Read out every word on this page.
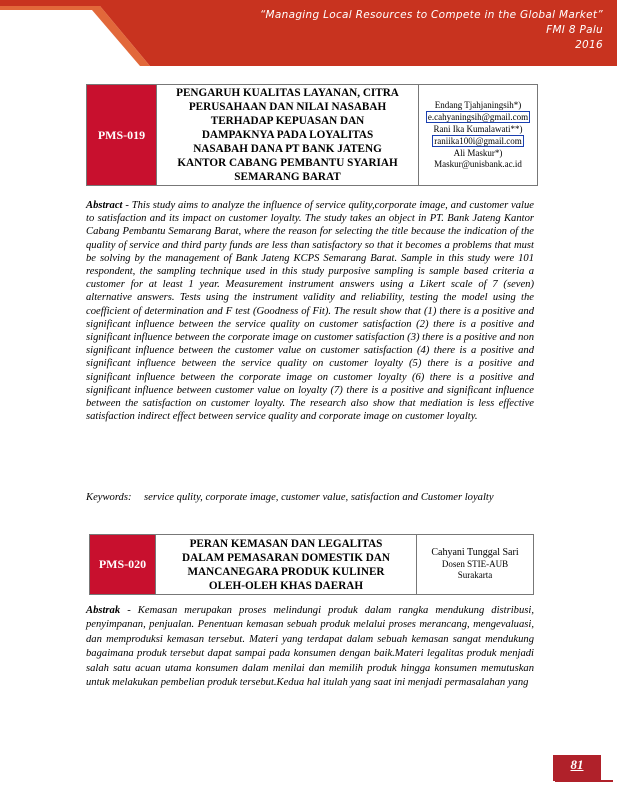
“Managing Local Resources to Compete in the Global Market”
FMI 8 Palu
2016
PMS-019	
PENGARUH KUALITAS LAYANAN, CITRA
PERUSAHAAN DAN NILAI NASABAH
TERHADAP KEPUASAN DAN
DAMPAKNYA PADA LOYALITAS
NASABAH DANA PT BANK JATENG
KANTOR CABANG PEMBANTU SYARIAH
SEMARANG BARAT

Endang Tjahjaningsih*)
e.cahyaningsih@gmail.com
Rani Ika Kumalawati**)
raniika100i@gmail.com
Ali Maskur*)
Maskur@unisbank.ac.id

Abstract - This study aims to analyze the influence of service qulity,corporate image, and customer value to satisfaction and its impact on customer loyalty. The study takes an object in PT. Bank Jateng Kantor Cabang Pembantu Semarang Barat, where the reason for selecting the title because the indication of the quality of service and third party funds are less than satisfactory so that it becomes a problems that must be solving by the management of Bank Jateng KCPS Semarang Barat. Sample in this study were 101 respondent, the sampling technique used in this study purposive sampling is sample based criteria a customer for at least 1 year. Measurement instrument answers using a Likert scale of 7 (seven) alternative answers. Tests using the instrument validity and reliability, testing the model using the coefficient of determination and F test (Goodness of Fit). The result show that (1) there is a positive and significant influence between the service quality on customer satisfaction (2) there is a positive and significant influence between the corporate image on customer satisfaction (3) there is a positive and non significant influence between the customer value on customer satisfaction (4) there is a positive and significant influence between the service quality on customer loyalty (5) there is a positive and significant influence between the corporate image on customer loyalty (6) there is a positive and significant influence between customer value on loyalty (7) there is a positive and significant influence between the satisfaction on customer loyalty. The research also show that mediation is less effective satisfaction indirect effect between service quality and corporate image on customer loyalty.

Keywords: service qulity, corporate image, customer value, satisfaction and Customer loyalty

PMS-020	
PERAN KEMASAN DAN LEGALITAS
DALAM PEMASARAN DOMESTIK DAN
MANCANEGARA PRODUK KULINER
OLEH-OLEH KHAS DAERAH

Cahyani Tunggal Sari
Dosen STIE-AUB
Surakarta

Abstrak - Kemasan merupakan proses melindungi produk dalam rangka mendukung distribusi, penyimpanan, penjualan. Penentuan kemasan sebuah produk melalui proses merancang, mengevaluasi, dan memproduksi kemasan tersebut. Materi yang terdapat dalam sebuah kemasan sangat mendukung bagaimana produk tersebut dapat sampai pada konsumen dengan baik.Materi legalitas produk menjadi salah satu acuan utama konsumen dalam menilai dan memilih produk hingga konsumen memutuskan untuk melakukan pembelian produk tersebut.Kedua hal itulah yang saat ini menjadi permasalahan yang

81
